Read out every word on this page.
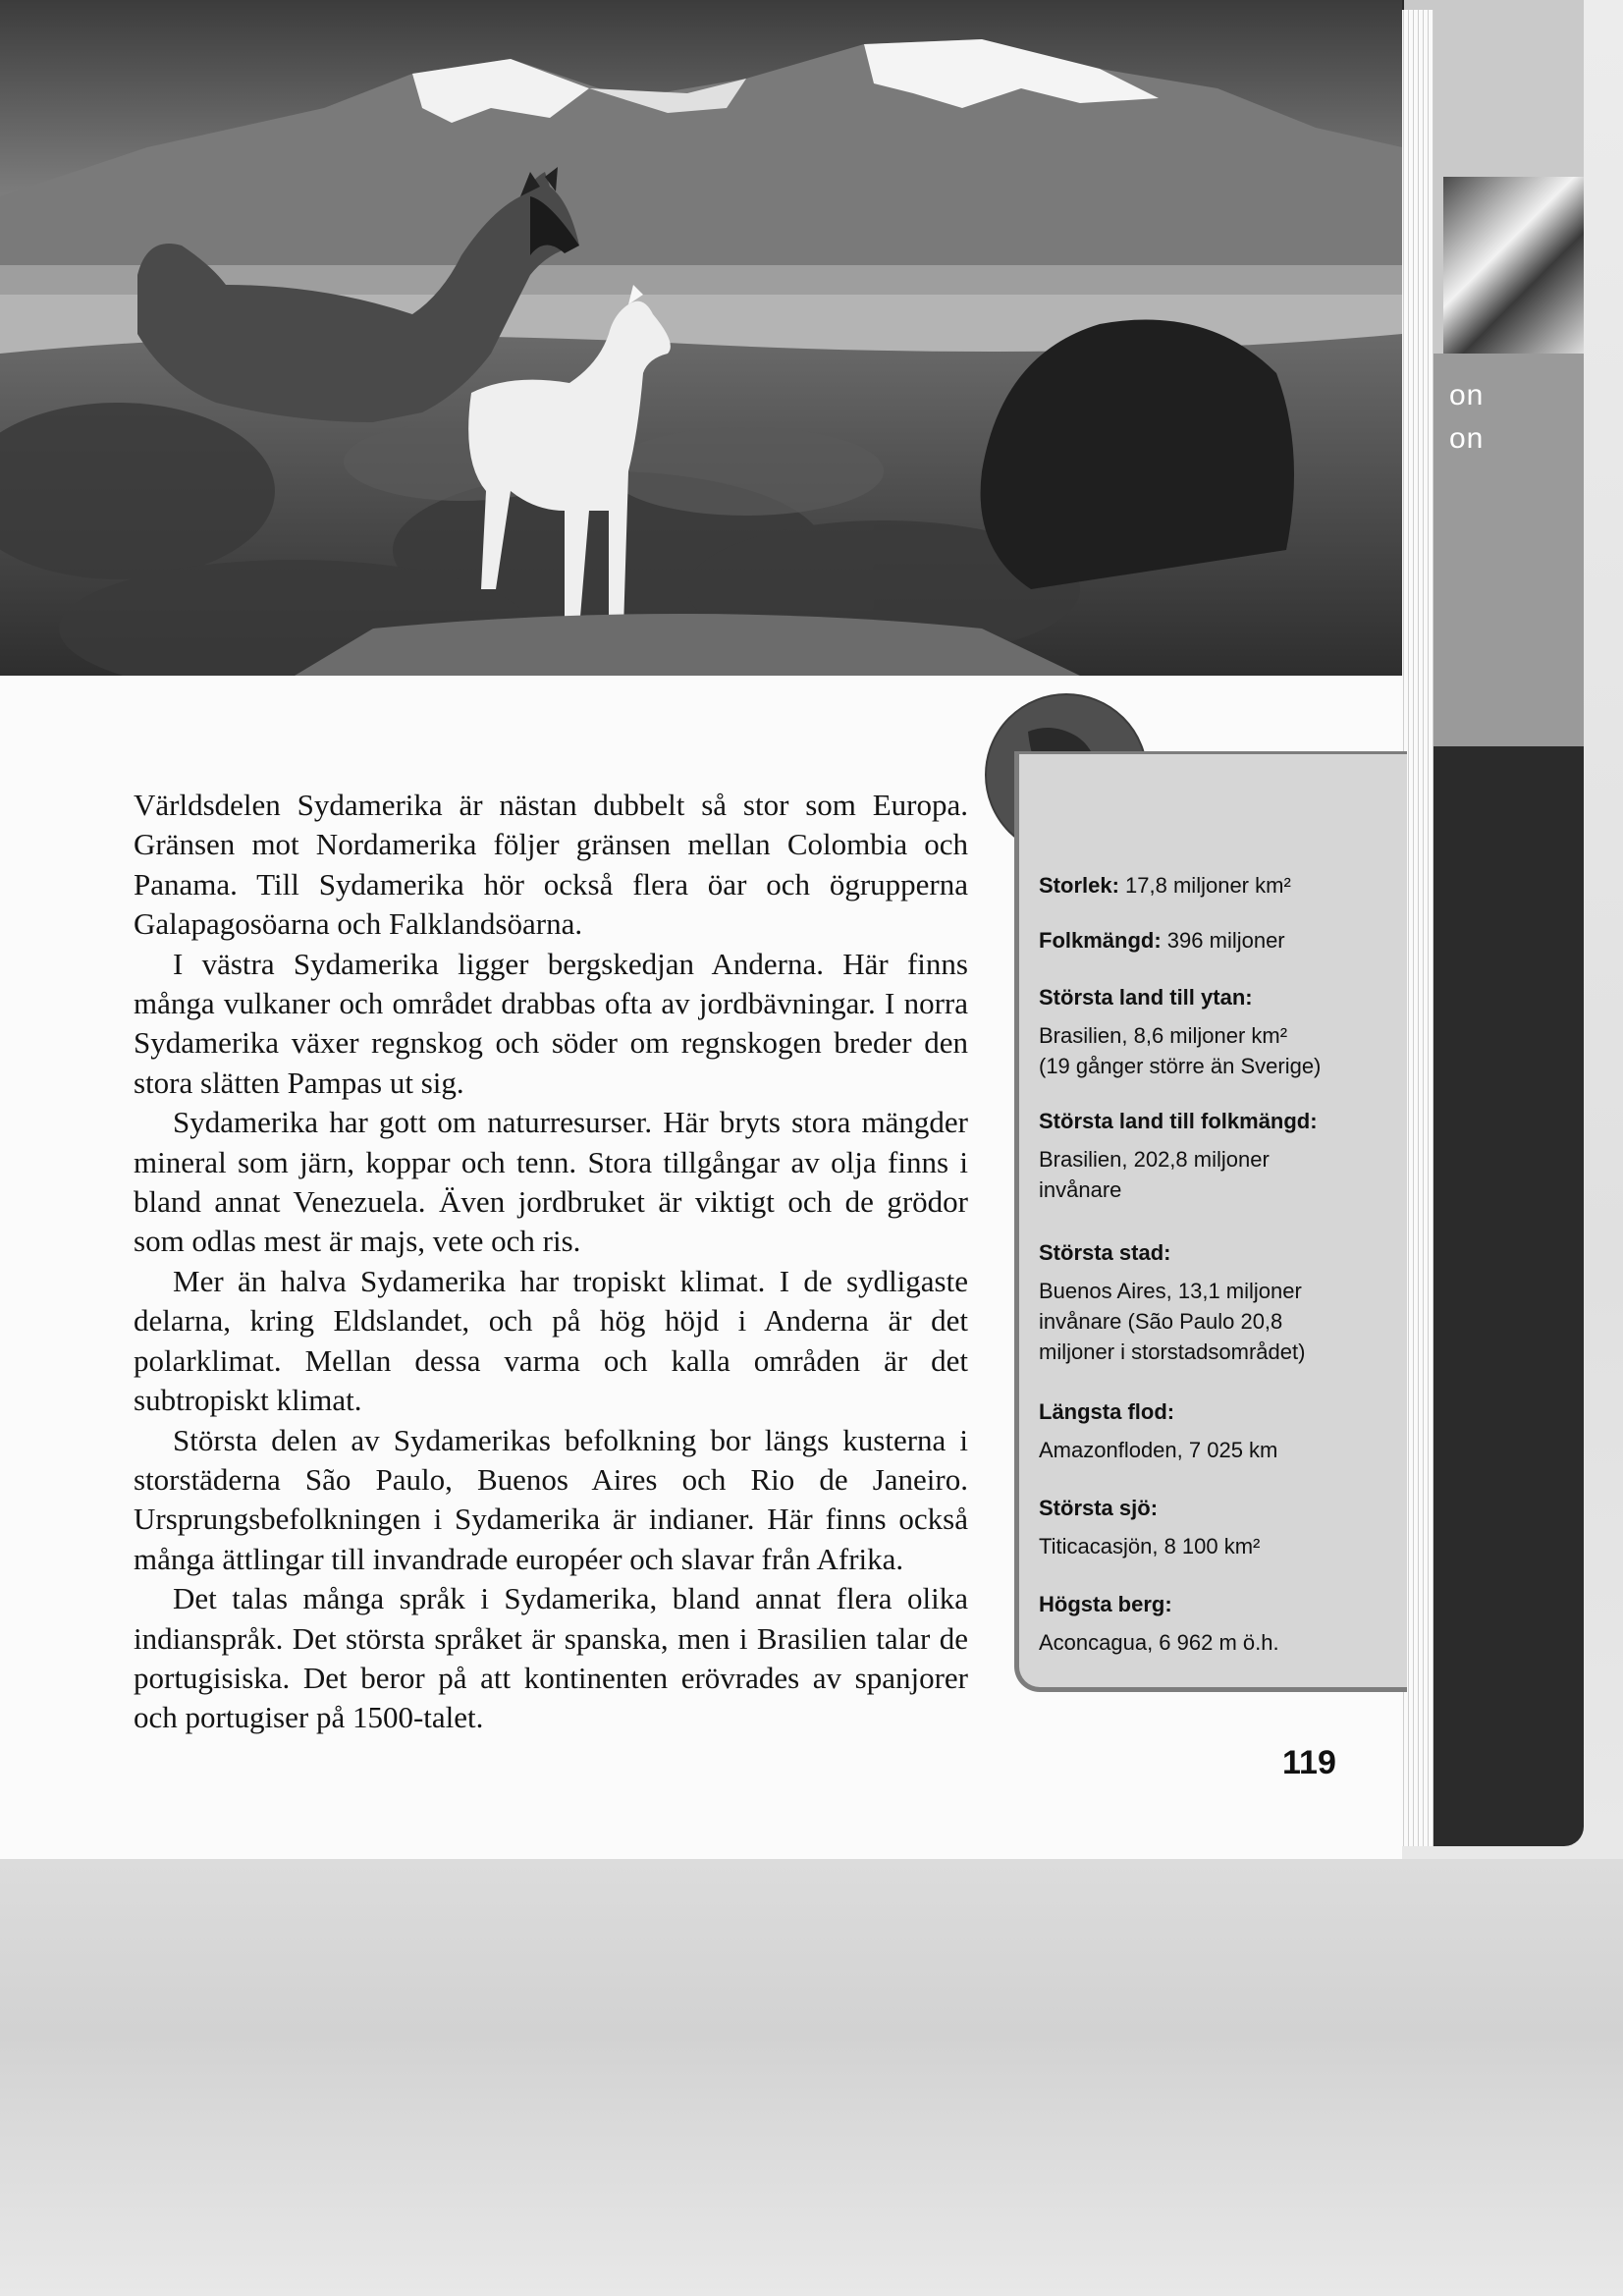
on
on
Storlek: 17,8 miljoner km²
Folkmängd: 396 miljoner
Största land till ytan:
Brasilien, 8,6 miljoner km²
(19 gånger större än Sverige)
Största land till folkmängd:
Brasilien, 202,8 miljoner
invånare
Största stad:
Buenos Aires, 13,1 miljoner
invånare (São Paulo 20,8
miljoner i storstadsområdet)
Längsta flod:
Amazonfloden, 7 025 km
Största sjö:
Titicacasjön, 8 100 km²
Högsta berg:
Aconcagua, 6 962 m ö.h.

Världsdelen Sydamerika är nästan dubbelt så stor som Europa. Gränsen mot Nordamerika följer gränsen mellan Colombia och Panama. Till Sydamerika hör också flera öar och ögrupperna Galapagosöarna och Falklandsöarna.

I västra Sydamerika ligger bergskedjan Anderna. Här finns många vulkaner och området drabbas ofta av jordbävningar. I norra Sydamerika växer regnskog och söder om regnskogen breder den stora slätten Pampas ut sig.

Sydamerika har gott om naturresurser. Här bryts stora mängder mineral som järn, koppar och tenn. Stora tillgångar av olja finns i bland annat Venezuela. Även jordbruket är viktigt och de grödor som odlas mest är majs, vete och ris.

Mer än halva Sydamerika har tropiskt klimat. I de sydligaste delarna, kring Eldslandet, och på hög höjd i Anderna är det polarklimat. Mellan dessa varma och kalla områden är det subtropiskt klimat.

Största delen av Sydamerikas befolkning bor längs kusterna i storstäderna São Paulo, Buenos Aires och Rio de Janeiro. Ursprungsbefolkningen i Sydamerika är indianer. Här finns också många ättlingar till invandrade européer och slavar från Afrika.

Det talas många språk i Sydamerika, bland annat flera olika indianspråk. Det största språket är spanska, men i Brasilien talar de portugisiska. Det beror på att kontinenten erövrades av spanjorer och portugiser på 1500-talet.

119
